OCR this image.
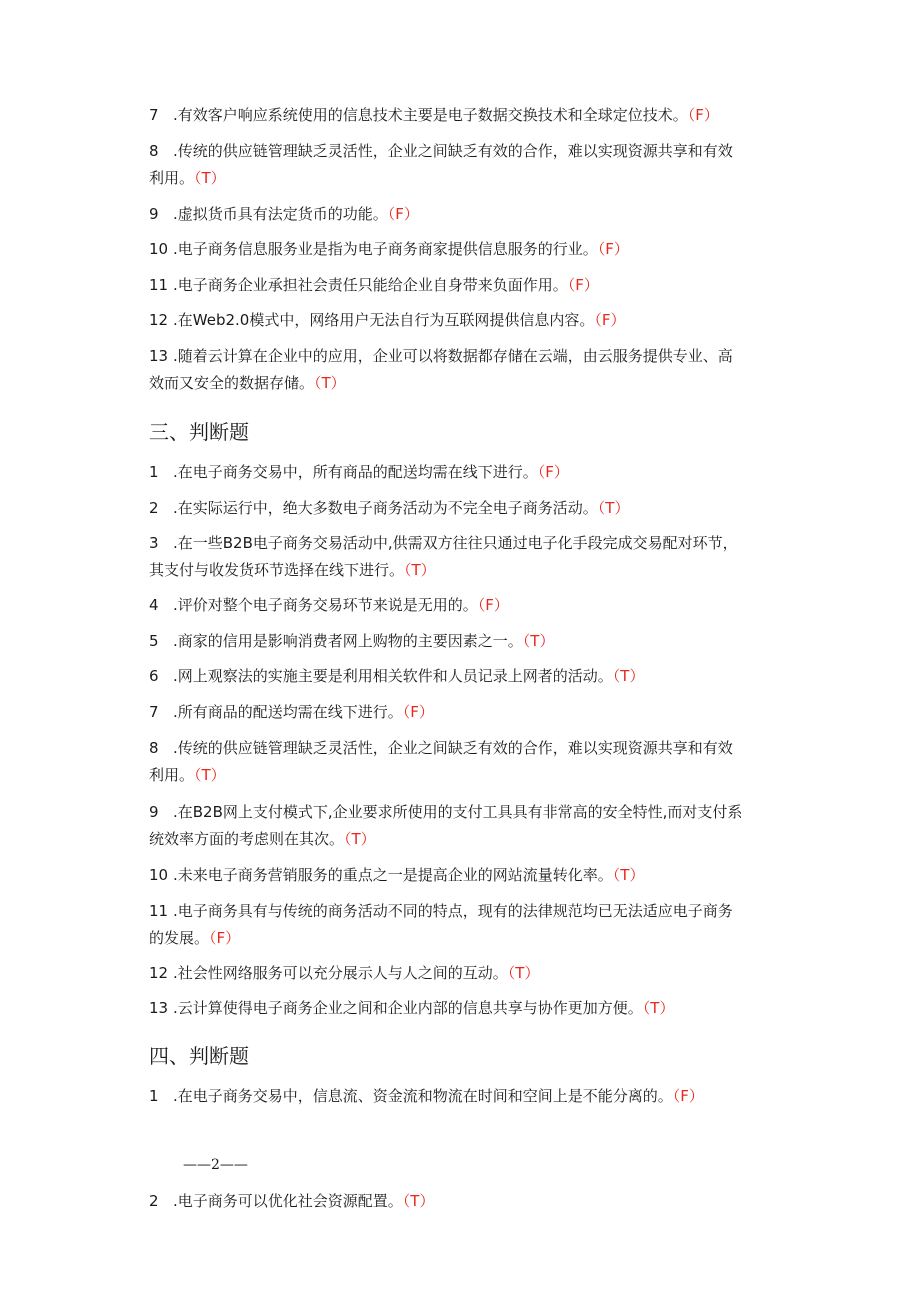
7 .有效客户响应系统使用的信息技术主要是电子数据交换技术和全球定位技术。（F）
8 .传统的供应链管理缺乏灵活性，企业之间缺乏有效的合作，难以实现资源共享和有效
利用。（T）
9 .虚拟货币具有法定货币的功能。（F）
10 .电子商务信息服务业是指为电子商务商家提供信息服务的行业。（F）
11 .电子商务企业承担社会责任只能给企业自身带来负面作用。（F）
12 .在Web2.0模式中，网络用户无法自行为互联网提供信息内容。（F）
13 .随着云计算在企业中的应用，企业可以将数据都存储在云端，由云服务提供专业、高
效而又安全的数据存储。（T）
三、判断题
1 .在电子商务交易中，所有商品的配送均需在线下进行。（F）
2 .在实际运行中，绝大多数电子商务活动为不完全电子商务活动。（T）
3 .在一些B2B电子商务交易活动中,供需双方往往只通过电子化手段完成交易配对环节，
其支付与收发货环节选择在线下进行。（T）
4 .评价对整个电子商务交易环节来说是无用的。（F）
5 .商家的信用是影响消费者网上购物的主要因素之一。（T）
6 .网上观察法的实施主要是利用相关软件和人员记录上网者的活动。（T）
7 .所有商品的配送均需在线下进行。（F）
8 .传统的供应链管理缺乏灵活性，企业之间缺乏有效的合作，难以实现资源共享和有效
利用。（T）
9 .在B2B网上支付模式下,企业要求所使用的支付工具具有非常高的安全特性,而对支付系
统效率方面的考虑则在其次。（T）
10 .未来电子商务营销服务的重点之一是提高企业的网站流量转化率。（T）
11 .电子商务具有与传统的商务活动不同的特点，现有的法律规范均已无法适应电子商务
的发展。（F）
12 .社会性网络服务可以充分展示人与人之间的互动。（T）
13 .云计算使得电子商务企业之间和企业内部的信息共享与协作更加方便。（T）
四、判断题
1 .在电子商务交易中，信息流、资金流和物流在时间和空间上是不能分离的。（F）
——2——
2 .电子商务可以优化社会资源配置。（T）
